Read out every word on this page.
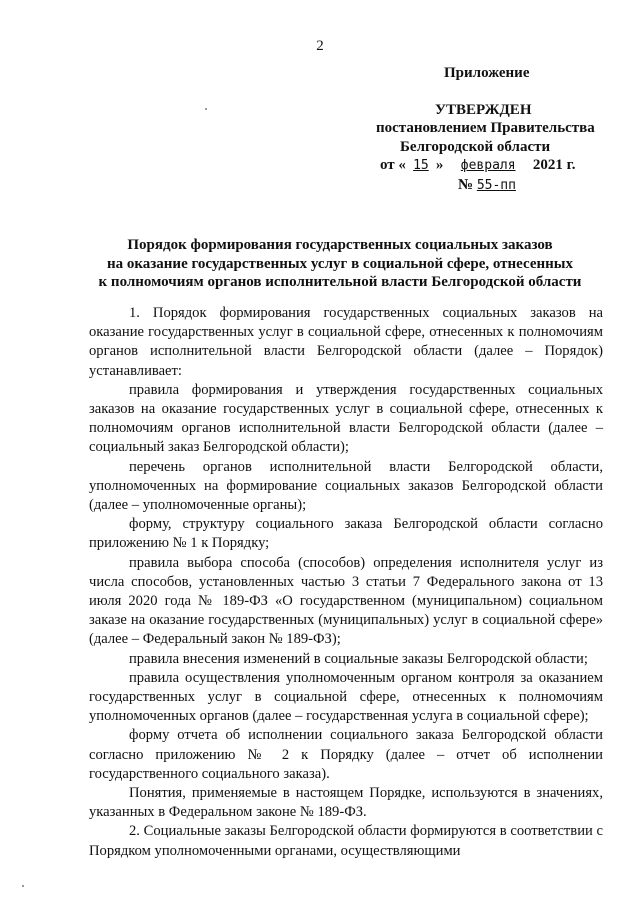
2
Приложение
УТВЕРЖДЕН
постановлением Правительства
Белгородской области
от « 15 » февраля 2021 г.
№ 55-пп
Порядок формирования государственных социальных заказов
на оказание государственных услуг в социальной сфере, отнесенных
к полномочиям органов исполнительной власти Белгородской области

1. Порядок формирования государственных социальных заказов на оказание государственных услуг в социальной сфере, отнесенных к полномочиям органов исполнительной власти Белгородской области (далее – Порядок) устанавливает:

правила формирования и утверждения государственных социальных заказов на оказание государственных услуг в социальной сфере, отнесенных к полномочиям органов исполнительной власти Белгородской области (далее – социальный заказ Белгородской области);

перечень органов исполнительной власти Белгородской области, уполномоченных на формирование социальных заказов Белгородской области (далее – уполномоченные органы);

форму, структуру социального заказа Белгородской области согласно приложению № 1 к Порядку;

правила выбора способа (способов) определения исполнителя услуг из числа способов, установленных частью 3 статьи 7 Федерального закона от 13 июля 2020 года № 189-ФЗ «О государственном (муниципальном) социальном заказе на оказание государственных (муниципальных) услуг в социальной сфере» (далее – Федеральный закон № 189-ФЗ);

правила внесения изменений в социальные заказы Белгородской области;

правила осуществления уполномоченным органом контроля за оказанием государственных услуг в социальной сфере, отнесенных к полномочиям уполномоченных органов (далее – государственная услуга в социальной сфере);

форму отчета об исполнении социального заказа Белгородской области согласно приложению № 2 к Порядку (далее – отчет об исполнении государственного социального заказа).

Понятия, применяемые в настоящем Порядке, используются в значениях, указанных в Федеральном законе № 189-ФЗ.

2. Социальные заказы Белгородской области формируются в соответствии с Порядком уполномоченными органами, осуществляющими
